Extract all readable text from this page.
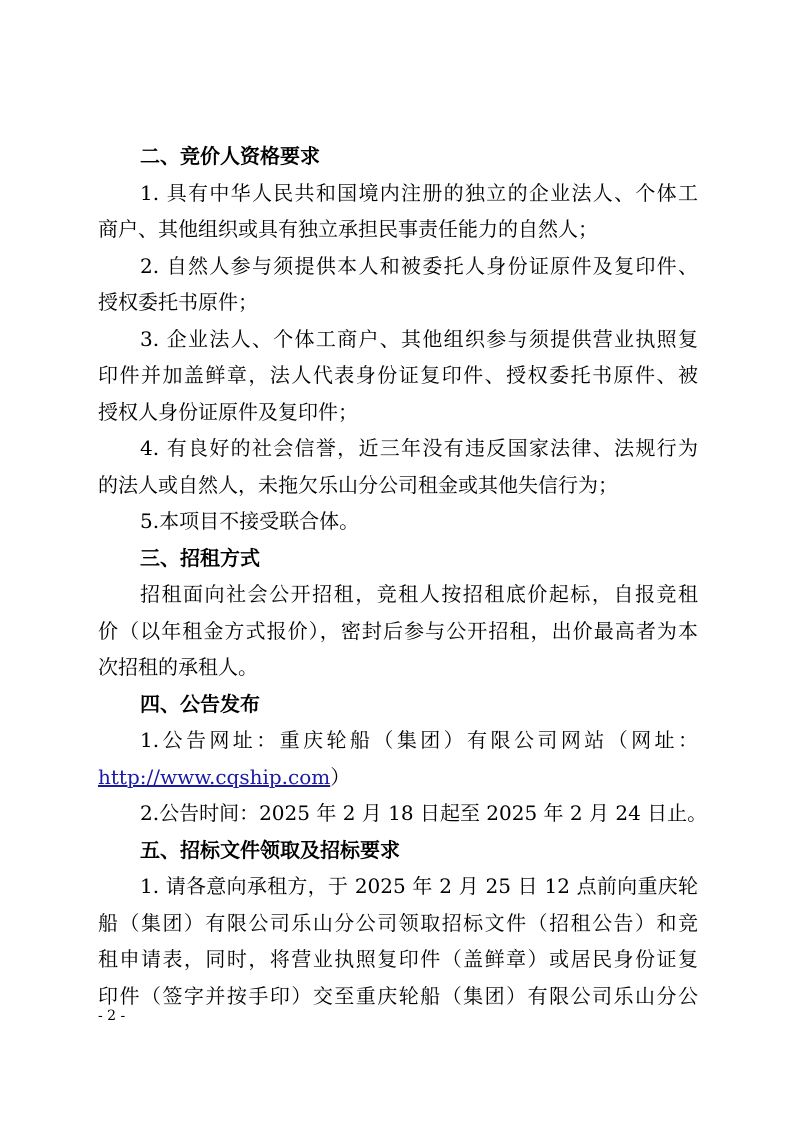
二、竞价人资格要求
1. 具有中华人民共和国境内注册的独立的企业法人、个体工
商户、其他组织或具有独立承担民事责任能力的自然人；
2. 自然人参与须提供本人和被委托人身份证原件及复印件、
授权委托书原件；
3. 企业法人、个体工商户、其他组织参与须提供营业执照复
印件并加盖鲜章，法人代表身份证复印件、授权委托书原件、被
授权人身份证原件及复印件；
4. 有良好的社会信誉，近三年没有违反国家法律、法规行为
的法人或自然人，未拖欠乐山分公司租金或其他失信行为；
5.本项目不接受联合体。
三、招租方式
招租面向社会公开招租，竞租人按招租底价起标，自报竞租
价（以年租金方式报价），密封后参与公开招租，出价最高者为本
次招租的承租人。
四、公告发布
1.公告网址：重庆轮船（集团）有限公司网站（网址：
http://www.cqship.com）
2.公告时间：2025 年 2 月 18 日起至 2025 年 2 月 24 日止。
五、招标文件领取及招标要求
1. 请各意向承租方，于 2025 年 2 月 25 日 12 点前向重庆轮
船（集团）有限公司乐山分公司领取招标文件（招租公告）和竞
租申请表，同时，将营业执照复印件（盖鲜章）或居民身份证复
印件（签字并按手印）交至重庆轮船（集团）有限公司乐山分公
- 2 -
